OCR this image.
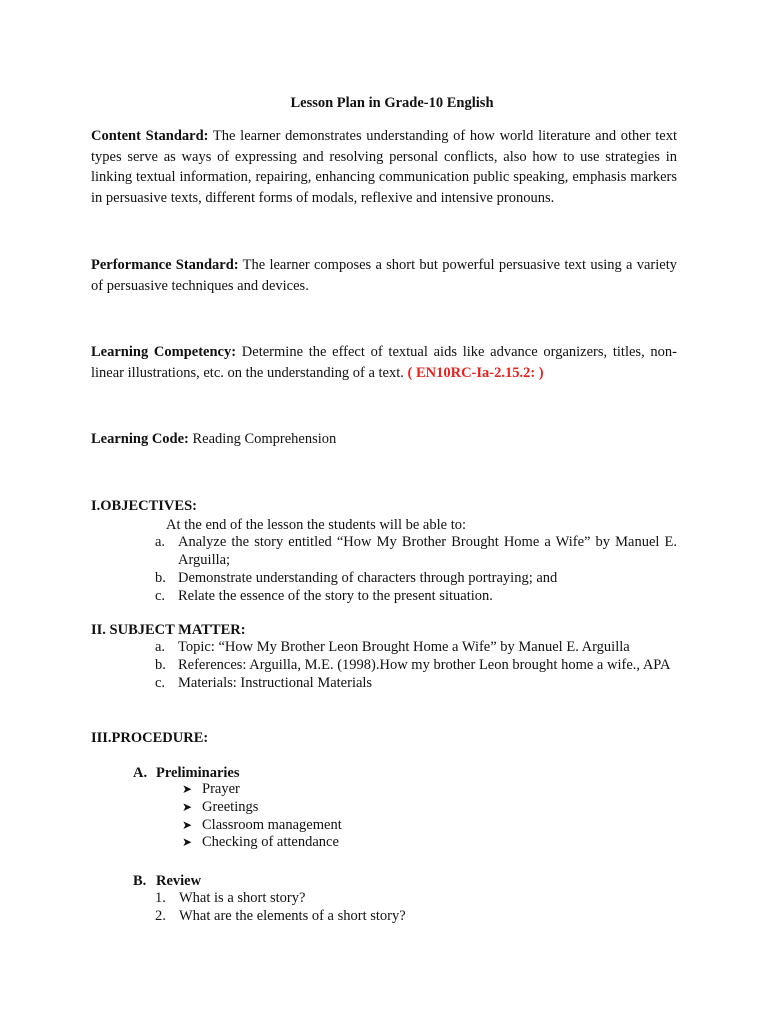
Lesson Plan in Grade-10 English
Content Standard: The learner demonstrates understanding of how world literature and other text types serve as ways of expressing and resolving personal conflicts, also how to use strategies in linking textual information, repairing, enhancing communication public speaking, emphasis markers in persuasive texts, different forms of modals, reflexive and intensive pronouns.
Performance Standard: The learner composes a short but powerful persuasive text using a variety of persuasive techniques and devices.
Learning Competency: Determine the effect of textual aids like advance organizers, titles, non-linear illustrations, etc. on the understanding of a text. ( EN10RC-Ia-2.15.2: )
Learning Code: Reading Comprehension
I.OBJECTIVES:
At the end of the lesson the students will be able to:
a. Analyze the story entitled “How My Brother Brought Home a Wife” by Manuel E. Arguilla;
b. Demonstrate understanding of characters through portraying; and
c. Relate the essence of the story to the present situation.
II. SUBJECT MATTER:
a. Topic: “How My Brother Leon Brought Home a Wife” by Manuel E. Arguilla
b. References: Arguilla, M.E. (1998).How my brother Leon brought home a wife., APA
c. Materials: Instructional Materials
III.PROCEDURE:
A. Preliminaries
➤ Prayer
➤ Greetings
➤ Classroom management
➤ Checking of attendance
B. Review
1. What is a short story?
2. What are the elements of a short story?
